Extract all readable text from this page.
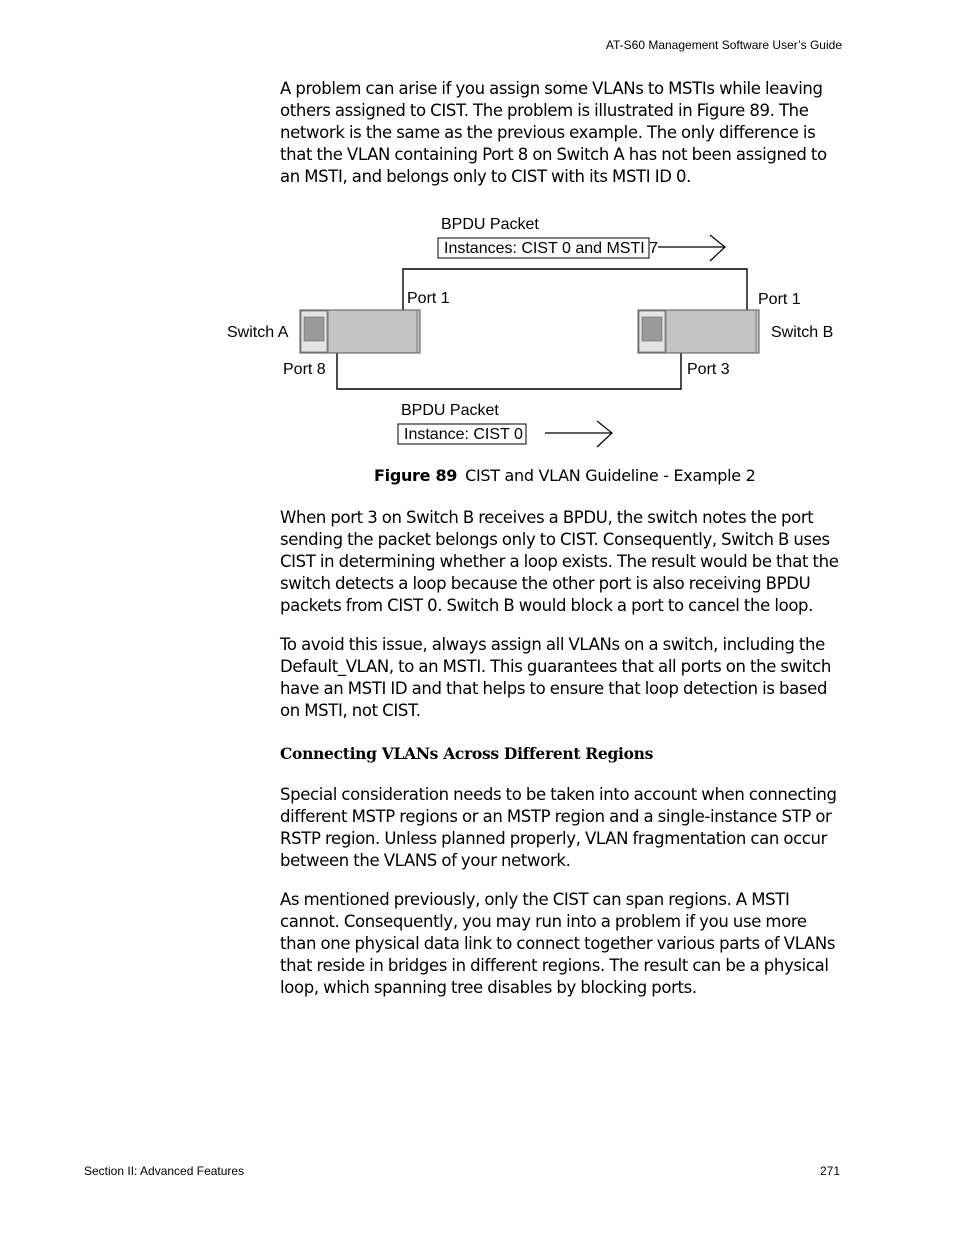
AT-S60 Management Software User’s Guide

A problem can arise if you assign some VLANs to MSTIs while leaving others assigned to CIST. The problem is illustrated in Figure 89. The network is the same as the previous example. The only difference is that the VLAN containing Port 8 on Switch A has not been assigned to an MSTI, and belongs only to CIST with its MSTI ID 0.

BPDU Packet
Instances: CIST 0 and MSTI 7
Switch A	Switch B
Port 1	Port 1
Port 8	Port 3
BPDU Packet
Instance: CIST 0
Figure 89 CIST and VLAN Guideline - Example 2

When port 3 on Switch B receives a BPDU, the switch notes the port sending the packet belongs only to CIST. Consequently, Switch B uses CIST in determining whether a loop exists. The result would be that the switch detects a loop because the other port is also receiving BPDU packets from CIST 0. Switch B would block a port to cancel the loop.

To avoid this issue, always assign all VLANs on a switch, including the Default_VLAN, to an MSTI. This guarantees that all ports on the switch have an MSTI ID and that helps to ensure that loop detection is based on MSTI, not CIST.

Connecting VLANs Across Different Regions

Special consideration needs to be taken into account when connecting different MSTP regions or an MSTP region and a single-instance STP or RSTP region. Unless planned properly, VLAN fragmentation can occur between the VLANS of your network.

As mentioned previously, only the CIST can span regions. A MSTI cannot. Consequently, you may run into a problem if you use more than one physical data link to connect together various parts of VLANs that reside in bridges in different regions. The result can be a physical loop, which spanning tree disables by blocking ports.

Section II: Advanced Features	271
